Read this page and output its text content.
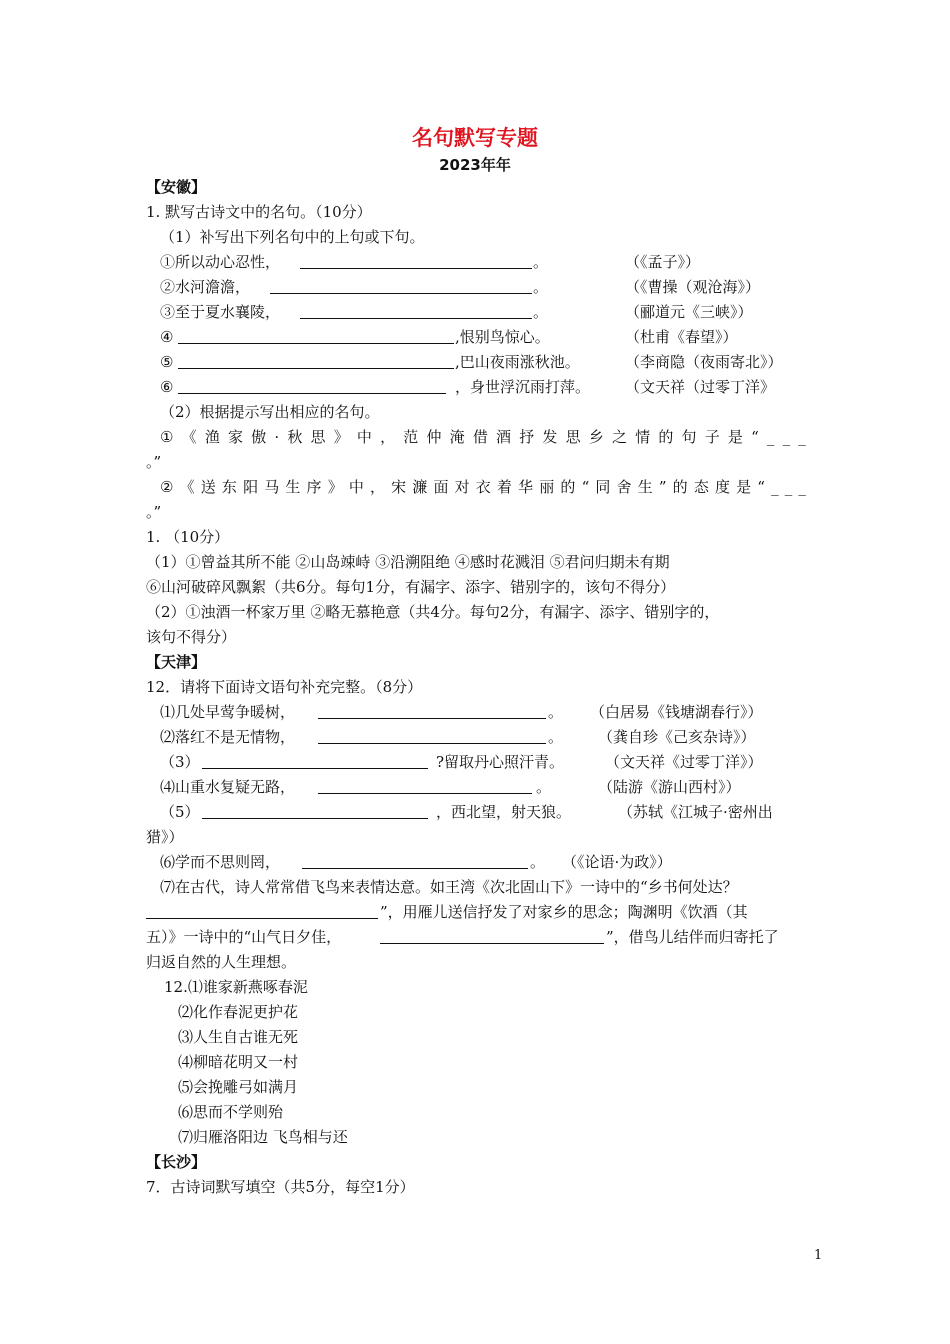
名句默写专题
2023年年
【安徽】
1. 默写古诗文中的名句。（10分）
（1）补写出下列名句中的上句或下句。
①所以动心忍性，	。	（《孟子》）
②水河澹澹，	。	（《曹操（观沧海》）
③至于夏水襄陵，	。	（郦道元《三峡》）
④	,恨别鸟惊心。	（杜甫《春望》）
⑤	,巴山夜雨涨秋池。	（李商隐（夜雨寄北》）
⑥	，身世浮沉雨打萍。 （文天祥（过零丁洋》
（2）根据提示写出相应的名句。
① 《 渔 家 傲 · 秋 思 》 中 ， 范 仲 淹 借 酒 抒 发 思 乡 之 情 的 句 子 是 “ _ _ _
。”
② 《 送 东 阳 马 生 序 》 中 ， 宋 濂 面 对 衣 着 华 丽 的 “ 同 舍 生 ” 的 态 度 是 “ _ _ _
。”
1. （10分）
（1）①曾益其所不能 ②山岛竦峙 ③沿溯阻绝 ④感时花溅泪 ⑤君问归期未有期
⑥山河破碎风飘絮（共6分。每句1分，有漏字、添字、错别字的，该句不得分）
（2）①浊酒一杯家万里 ②略无慕艳意（共4分。每句2分，有漏字、添字、错别字的，
该句不得分）
【天津】
12．请将下面诗文语句补充完整。（8分）
⑴几处早莺争暖树，	。 （白居易《钱塘湖春行》）
⑵落红不是无情物，	。 （龚自珍《己亥杂诗》）
（3）	?留取丹心照汗青。	（文天祥《过零丁洋》）
⑷山重水复疑无路，	。	（陆游《游山西村》）
（5）	，西北望，射天狼。	（苏轼《江城子·密州出
猎》）
⑹学而不思则罔，	。 （《论语·为政》）
⑺在古代，诗人常常借飞鸟来表情达意。如王湾《次北固山下》一诗中的“乡书何处达？
”，用雁儿送信抒发了对家乡的思念；陶渊明《饮酒（其
五）》一诗中的“山气日夕佳，	”，借鸟儿结伴而归寄托了
归返自然的人生理想。
12.⑴谁家新燕啄春泥
⑵化作春泥更护花
⑶人生自古谁无死
⑷柳暗花明又一村
⑸会挽雕弓如满月
⑹思而不学则殆
⑺归雁洛阳边 飞鸟相与还
【长沙】
7．古诗词默写填空（共5分，每空1分）
1
